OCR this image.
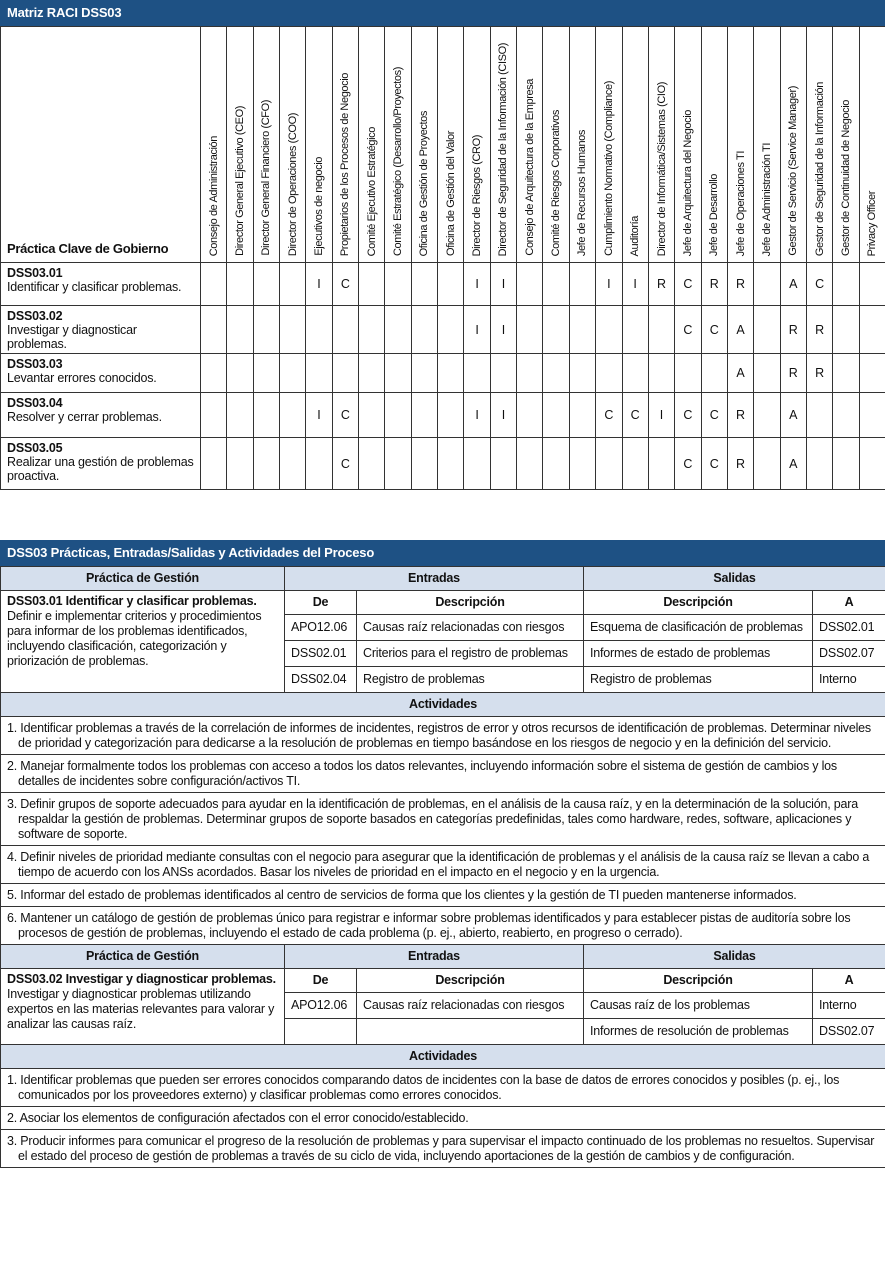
Matriz RACI DSS03
Práctica Clave de Gobierno	Consejo de Administración	Director General Ejecutivo (CEO)	Director General Financiero (CFO)	Director de Operaciones (COO)	Ejecutivos de negocio	Propietarios de los Procesos de Negocio	Comité Ejecutivo Estratégico	Comité Estratégico (Desarrollo/Proyectos)	Oficina de Gestión de Proyectos	Oficina de Gestión del Valor	Director de Riesgos (CRO)	Director de Seguridad de la Información (CISO)	Consejo de Arquitectura de la Empresa	Comité de Riesgos Corporativos	Jefe de Recursos Humanos	Cumplimiento Normativo (Compliance)	Auditoría	Director de Informática/Sistemas (CIO)	Jefe de Arquitectura del Negocio	Jefe de Desarrollo	Jefe de Operaciones TI	Jefe de Administración TI	Gestor de Servicio (Service Manager)	Gestor de Seguridad de la Información	Gestor de Continuidad de Negocio	Privacy Officer

DSS03.01
Identificar y clasificar problemas.					I	C					I	I				I	I	R	C	R	R		A	C		

DSS03.02
Investigar y diagnosticar problemas.											I	I							C	C	A		R	R		

DSS03.03
Levantar errores conocidos.																					A		R	R		

DSS03.04
Resolver y cerrar problemas.					I	C					I	I				C	C	I	C	C	R		A			

DSS03.05
Realizar una gestión de problemas proactiva.						C													C	C	R		A			
DSS03 Prácticas, Entradas/Salidas y Actividades del Proceso
Práctica de Gestión	Entradas		Salidas	

DSS03.01 Identificar y clasificar problemas.
Definir e implementar criterios y procedimientos para informar de los problemas identificados, incluyendo clasificación, categorización y priorización de problemas.	De	Descripción	Descripción	A
	APO12.06	Causas raíz relacionadas con riesgos	Esquema de clasificación de problemas	DSS02.01
	DSS02.01	Criterios para el registro de problemas	Informes de estado de problemas	DSS02.07
	DSS02.04	Registro de problemas	Registro de problemas	Interno
Actividades				

1. Identificar problemas a través de la correlación de informes de incidentes, registros de error y otros recursos de identificación de problemas. Determinar niveles de prioridad y categorización para dedicarse a la resolución de problemas en tiempo basándose en los riesgos de negocio y en la definición del servicio.				

2. Manejar formalmente todos los problemas con acceso a todos los datos relevantes, incluyendo información sobre el sistema de gestión de cambios y los detalles de incidentes sobre configuración/activos TI.				

3. Definir grupos de soporte adecuados para ayudar en la identificación de problemas, en el análisis de la causa raíz, y en la determinación de la solución, para respaldar la gestión de problemas. Determinar grupos de soporte basados en categorías predefinidas, tales como hardware, redes, software, aplicaciones y software de soporte.				

4. Definir niveles de prioridad mediante consultas con el negocio para asegurar que la identificación de problemas y el análisis de la causa raíz se llevan a cabo a tiempo de acuerdo con los ANSs acordados. Basar los niveles de prioridad en el impacto en el negocio y en la urgencia.				

5. Informar del estado de problemas identificados al centro de servicios de forma que los clientes y la gestión de TI pueden mantenerse informados.				

6. Mantener un catálogo de gestión de problemas único para registrar e informar sobre problemas identificados y para establecer pistas de auditoría sobre los procesos de gestión de problemas, incluyendo el estado de cada problema (p. ej., abierto, reabierto, en progreso o cerrado).				

Práctica de Gestión	Entradas		Salidas	

DSS03.02 Investigar y diagnosticar problemas.
Investigar y diagnosticar problemas utilizando expertos en las materias relevantes para valorar y analizar las causas raíz.	De	Descripción	Descripción	A
	APO12.06	Causas raíz relacionadas con riesgos	Causas raíz de los problemas	Interno
			Informes de resolución de problemas	DSS02.07
Actividades				

1. Identificar problemas que pueden ser errores conocidos comparando datos de incidentes con la base de datos de errores conocidos y posibles (p. ej., los comunicados por los proveedores externo) y clasificar problemas como errores conocidos.				

2. Asociar los elementos de configuración afectados con el error conocido/establecido.				

3. Producir informes para comunicar el progreso de la resolución de problemas y para supervisar el impacto continuado de los problemas no resueltos. Supervisar el estado del proceso de gestión de problemas a través de su ciclo de vida, incluyendo aportaciones de la gestión de cambios y de configuración.				
